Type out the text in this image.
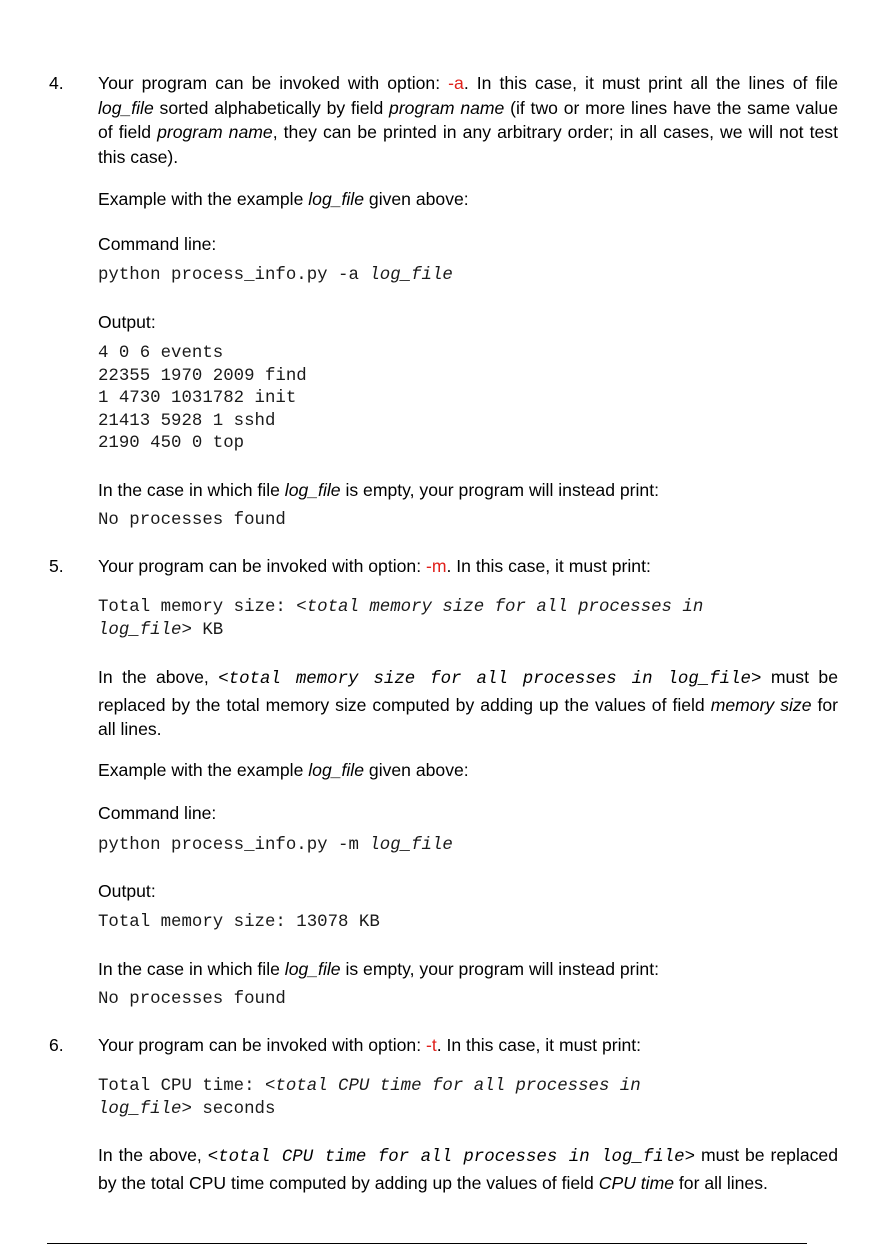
4. Your program can be invoked with option: -a. In this case, it must print all the lines of file log_file sorted alphabetically by field program name (if two or more lines have the same value of field program name, they can be printed in any arbitrary order; in all cases, we will not test this case).
Example with the example log_file given above:
Command line:
python process_info.py -a log_file
Output:
4 0 6 events
22355 1970 2009 find
1 4730 1031782 init
21413 5928 1 sshd
2190 450 0 top
In the case in which file log_file is empty, your program will instead print:
No processes found
5. Your program can be invoked with option: -m. In this case, it must print:
Total memory size: <total memory size for all processes in
log_file> KB
In the above, <total memory size for all processes in log_file> must be replaced by the total memory size computed by adding up the values of field memory size for all lines.
Example with the example log_file given above:
Command line:
python process_info.py -m log_file
Output:
Total memory size: 13078 KB
In the case in which file log_file is empty, your program will instead print:
No processes found
6. Your program can be invoked with option: -t. In this case, it must print:
Total CPU time: <total CPU time for all processes in
log_file> seconds
In the above, <total CPU time for all processes in log_file> must be replaced by the total CPU time computed by adding up the values of field CPU time for all lines.
